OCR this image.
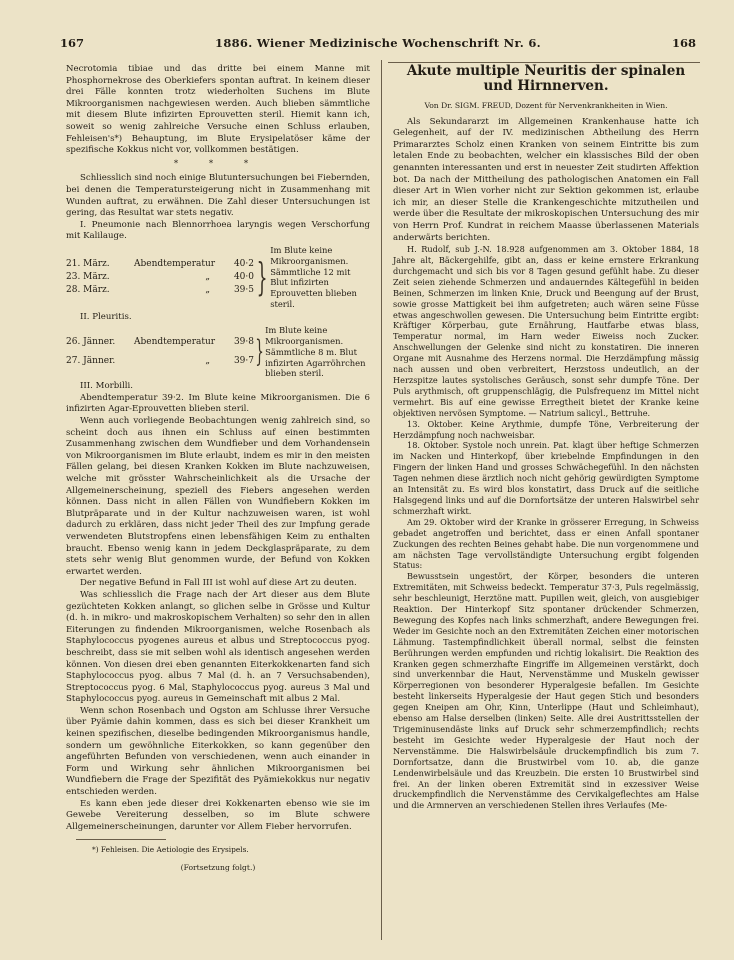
167	1886. Wiener Medizinische Wochenschrift Nr. 6.	168

Necrotomia tibiae und das dritte bei einem Manne mit Phosphornekrose des Oberkiefers spontan auftrat. In keinem dieser drei Fälle konnten trotz wiederholten Suchens im Blute Mikroorganismen nachgewiesen werden. Auch blieben sämmtliche mit diesem Blute infizirten Eprouvetten steril. Hiemit kann ich, soweit so wenig zahlreiche Versuche einen Schluss erlauben, Fehleisen's*) Behauptung, im Blute Erysipelatöser käme der spezifische Kokkus nicht vor, vollkommen bestätigen.

* * *

Schliesslich sind noch einige Blutuntersuchungen bei Fiebernden, bei denen die Temperatursteigerung nicht in Zusammenhang mit Wunden auftrat, zu erwähnen. Die Zahl dieser Untersuchungen ist gering, das Resultat war stets negativ.

I. Pneumonie nach Blennorrhoea laryngis wegen Verschorfung mit Kalilauge.

21. März.	Abendtemperatur	40·2
23. März.	„	40·0
28. März.	„	39·5 }
Im Blute keine Mikroorganismen. Sämmtliche 12 mit Blut infizirten Eprouvetten blieben steril.

II. Pleuritis.

26. Jänner.	Abendtemperatur	39·8
27. Jänner.	„	39·7 }
Im Blute keine Mikroorganismen. Sämmtliche 8 m. Blut infizirten Agarröhrchen blieben steril.

III. Morbilli.

Abendtemperatur 39·2. Im Blute keine Mikroorganismen. Die 6 infizirten Agar-Eprouvetten blieben steril.

Wenn auch vorliegende Beobachtungen wenig zahlreich sind, so scheint doch aus ihnen ein Schluss auf einen bestimmten Zusammenhang zwischen dem Wundfieber und dem Vorhandensein von Mikroorganismen im Blute erlaubt, indem es mir in den meisten Fällen gelang, bei diesen Kranken Kokken im Blute nachzuweisen, welche mit grösster Wahrscheinlichkeit als die Ursache der Allgemeinerscheinung, speziell des Fiebers angesehen werden können. Dass nicht in allen Fällen von Wundfiebern Kokken im Blutpräparate und in der Kultur nachzuweisen waren, ist wohl dadurch zu erklären, dass nicht jeder Theil des zur Impfung gerade verwendeten Blutstropfens einen lebensfähigen Keim zu enthalten braucht. Ebenso wenig kann in jedem Deckglaspräparate, zu dem stets sehr wenig Blut genommen wurde, der Befund von Kokken erwartet werden.

Der negative Befund in Fall III ist wohl auf diese Art zu deuten.

Was schliesslich die Frage nach der Art dieser aus dem Blute gezüchteten Kokken anlangt, so glichen selbe in Grösse und Kultur (d. h. in mikro- und makroskopischem Verhalten) so sehr den in allen Eiterungen zu findenden Mikroorganismen, welche Rosenbach als Staphylococcus pyogenes aureus et albus und Streptococcus pyog. beschreibt, dass sie mit selben wohl als identisch angesehen werden können. Von diesen drei eben genannten Eiterkokkenarten fand sich Staphylococcus pyog. albus 7 Mal (d. h. an 7 Versuchsabenden), Streptococcus pyog. 6 Mal, Staphylococcus pyog. aureus 3 Mal und Staphylococcus pyog. aureus in Gemeinschaft mit albus 2 Mal.

Wenn schon Rosenbach und Ogston am Schlusse ihrer Versuche über Pyämie dahin kommen, dass es sich bei dieser Krankheit um keinen spezifischen, dieselbe bedingenden Mikroorganismus handle, sondern um gewöhnliche Eiterkokken, so kann gegenüber den angeführten Befunden von verschiedenen, wenn auch einander in Form und Wirkung sehr ähnlichen Mikroorganismen bei Wundfiebern die Frage der Spezifität des Pyämiekokkus nur negativ entschieden werden.

Es kann eben jede dieser drei Kokkenarten ebenso wie sie im Gewebe Vereiterung desselben, so im Blute schwere Allgemeinerscheinungen, darunter vor Allem Fieber hervorrufen.

*) Fehleisen. Die Aetiologie des Erysipels.

(Fortsetzung folgt.)

Akute multiple Neuritis der spinalen und Hirnnerven.
Von Dr. SIGM. FREUD, Dozent für Nervenkrankheiten in Wien.

Als Sekundararzt im Allgemeinen Krankenhause hatte ich Gelegenheit, auf der IV. medizinischen Abtheilung des Herrn Primararztes Scholz einen Kranken von seinem Eintritte bis zum letalen Ende zu beobachten, welcher ein klassisches Bild der oben genannten interessanten und erst in neuester Zeit studirten Affektion bot. Da nach der Mittheilung des pathologischen Anatomen ein Fall dieser Art in Wien vorher nicht zur Sektion gekommen ist, erlaube ich mir, an dieser Stelle die Krankengeschichte mitzutheilen und werde über die Resultate der mikroskopischen Untersuchung des mir von Herrn Prof. Kundrat in reichem Maasse überlassenen Materials anderwärts berichten.

H. Rudolf, sub J.-N. 18.928 aufgenommen am 3. Oktober 1884, 18 Jahre alt, Bäckergehilfe, gibt an, dass er keine ernstere Erkrankung durchgemacht und sich bis vor 8 Tagen gesund gefühlt habe. Zu dieser Zeit seien ziehende Schmerzen und andauerndes Kältegefühl in beiden Beinen, Schmerzen im linken Knie, Druck und Beengung auf der Brust, sowie grosse Mattigkeit bei ihm aufgetreten; auch wären seine Füsse etwas angeschwollen gewesen. Die Untersuchung beim Eintritte ergibt: Kräftiger Körperbau, gute Ernährung, Hautfarbe etwas blass, Temperatur normal, im Harn weder Eiweiss noch Zucker. Anschwellungen der Gelenke sind nicht zu konstatiren. Die inneren Organe mit Ausnahme des Herzens normal. Die Herzdämpfung mässig nach aussen und oben verbreitert, Herzstoss undeutlich, an der Herzspitze lautes systolisches Geräusch, sonst sehr dumpfe Töne. Der Puls arythmisch, oft gruppenschlägig, die Pulsfrequenz im Mittel nicht vermehrt. Bis auf eine gewisse Erregtheit bietet der Kranke keine objektiven nervösen Symptome. — Natrium salicyl., Bettruhe.

13. Oktober. Keine Arythmie, dumpfe Töne, Verbreiterung der Herzdämpfung noch nachweisbar.

18. Oktober. Systole noch unrein. Pat. klagt über heftige Schmerzen im Nacken und Hinterkopf, über kriebelnde Empfindungen in den Fingern der linken Hand und grosses Schwächegefühl. In den nächsten Tagen nehmen diese ärztlich noch nicht gehörig gewürdigten Symptome an Intensität zu. Es wird blos konstatirt, dass Druck auf die seitliche Halsgegend links und auf die Dornfortsätze der unteren Halswirbel sehr schmerzhaft wirkt.

Am 29. Oktober wird der Kranke in grösserer Erregung, in Schweiss gebadet angetroffen und berichtet, dass er einen Anfall spontaner Zuckungen des rechten Beines gehabt habe. Die nun vorgenommene und am nächsten Tage vervollständigte Untersuchung ergibt folgenden Status:

Bewusstsein ungestört, der Körper, besonders die unteren Extremitäten, mit Schweiss bedeckt. Temperatur 37·3, Puls regelmässig, sehr beschleunigt, Herztöne matt. Pupillen weit, gleich, von ausgiebiger Reaktion. Der Hinterkopf Sitz spontaner drückender Schmerzen, Bewegung des Kopfes nach links schmerzhaft, andere Bewegungen frei. Weder im Gesichte noch an den Extremitäten Zeichen einer motorischen Lähmung. Tastempfindlichkeit überall normal, selbst die feinsten Berührungen werden empfunden und richtig lokalisirt. Die Reaktion des Kranken gegen schmerzhafte Eingriffe im Allgemeinen verstärkt, doch sind unverkennbar die Haut, Nervenstämme und Muskeln gewisser Körperregionen von besonderer Hyperalgesie befallen. Im Gesichte besteht linkerseits Hyperalgesie der Haut gegen Stich und besonders gegen Kneipen am Ohr, Kinn, Unterlippe (Haut und Schleimhaut), ebenso am Halse derselben (linken) Seite. Alle drei Austrittsstellen der Trigeminusendäste links auf Druck sehr schmerzempfindlich; rechts besteht im Gesichte weder Hyperalgesie der Haut noch der Nervenstämme. Die Halswirbelsäule druckempfindlich bis zum 7. Dornfortsatze, dann die Brustwirbel vom 10. ab, die ganze Lendenwirbelsäule und das Kreuzbein. Die ersten 10 Brustwirbel sind frei. An der linken oberen Extremität sind in exzessiver Weise druckempfindlich die Nervenstämme des Cervikalgeflechtes am Halse und die Armnerven an verschiedenen Stellen ihres Verlaufes (Me-
